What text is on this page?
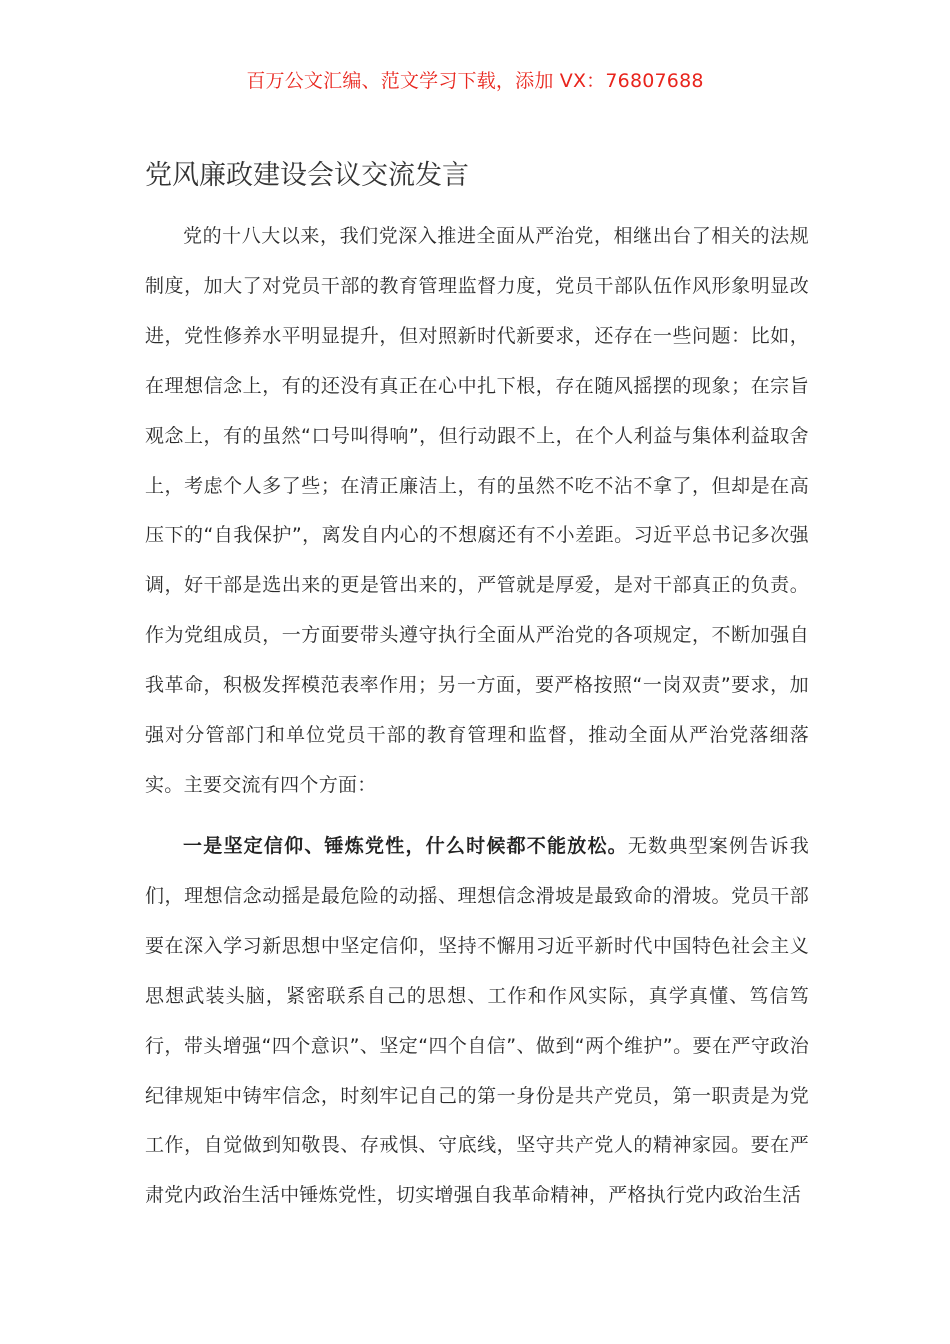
百万公文汇编、范文学习下载，添加 VX：76807688
党风廉政建设会议交流发言

党的十八大以来，我们党深入推进全面从严治党，相继出台了相关的法规制度，加大了对党员干部的教育管理监督力度，党员干部队伍作风形象明显改进，党性修养水平明显提升，但对照新时代新要求，还存在一些问题：比如，在理想信念上，有的还没有真正在心中扎下根，存在随风摇摆的现象；在宗旨观念上，有的虽然“口号叫得响”，但行动跟不上，在个人利益与集体利益取舍上，考虑个人多了些；在清正廉洁上，有的虽然不吃不沾不拿了，但却是在高压下的“自我保护”，离发自内心的不想腐还有不小差距。习近平总书记多次强调，好干部是选出来的更是管出来的，严管就是厚爱，是对干部真正的负责。作为党组成员，一方面要带头遵守执行全面从严治党的各项规定，不断加强自我革命，积极发挥模范表率作用；另一方面，要严格按照“一岗双责”要求，加强对分管部门和单位党员干部的教育管理和监督，推动全面从严治党落细落实。主要交流有四个方面：

一是坚定信仰、锤炼党性，什么时候都不能放松。无数典型案例告诉我们，理想信念动摇是最危险的动摇、理想信念滑坡是最致命的滑坡。党员干部要在深入学习新思想中坚定信仰，坚持不懈用习近平新时代中国特色社会主义思想武装头脑，紧密联系自己的思想、工作和作风实际，真学真懂、笃信笃行，带头增强“四个意识”、坚定“四个自信”、做到“两个维护”。要在严守政治纪律规矩中铸牢信念，时刻牢记自己的第一身份是共产党员，第一职责是为党工作，自觉做到知敬畏、存戒惧、守底线，坚守共产党人的精神家园。要在严肃党内政治生活中锤炼党性，切实增强自我革命精神，严格执行党内政治生活
